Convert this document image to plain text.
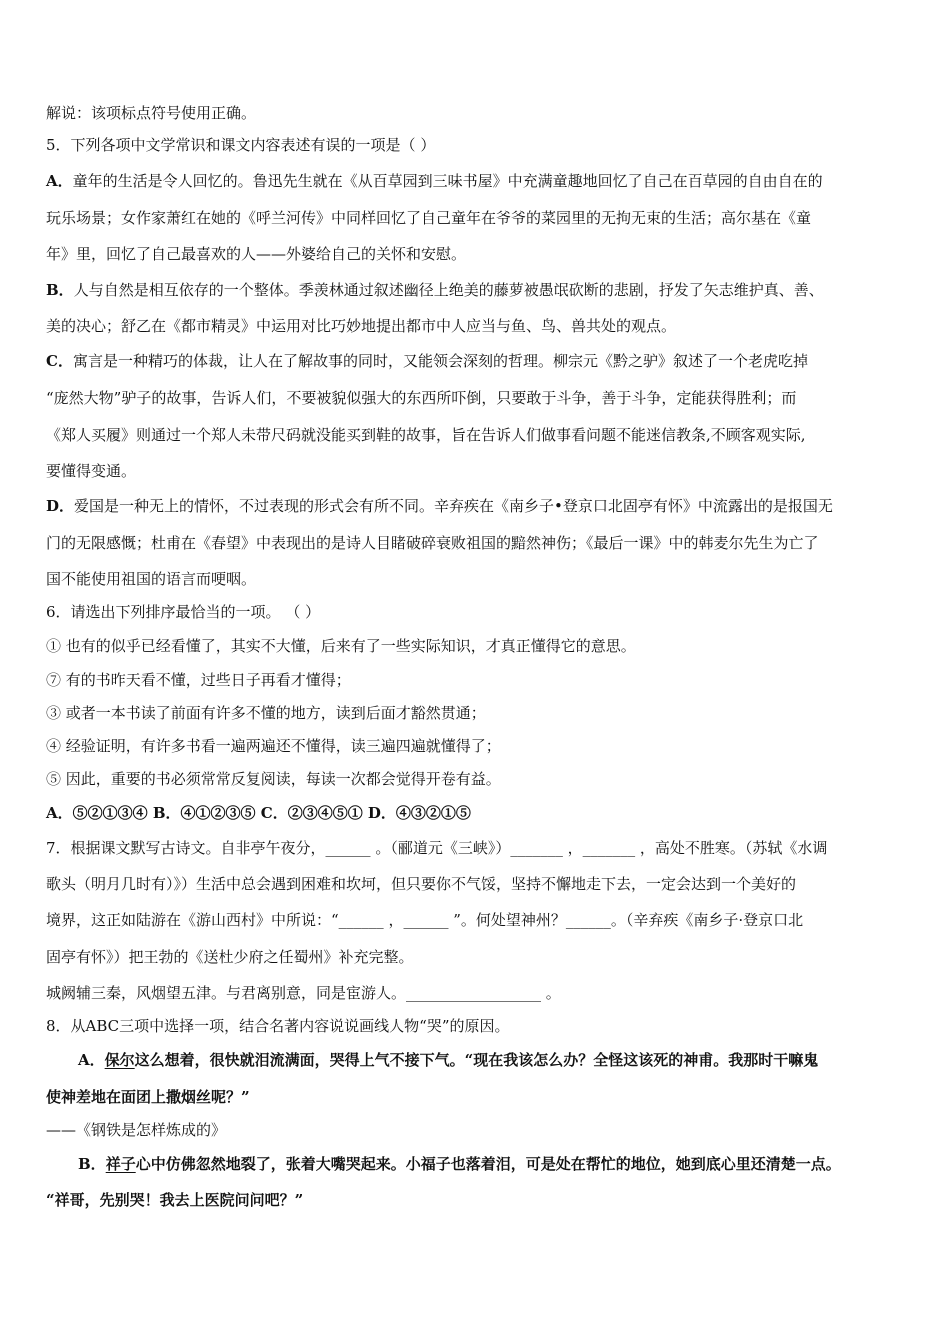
解说：该项标点符号使用正确。
5．下列各项中文学常识和课文内容表述有误的一项是（ ）
A．童年的生活是令人回忆的。鲁迅先生就在《从百草园到三味书屋》中充满童趣地回忆了自己在百草园的自由自在的
玩乐场景；女作家萧红在她的《呼兰河传》中同样回忆了自己童年在爷爷的菜园里的无拘无束的生活；高尔基在《童
年》里，回忆了自己最喜欢的人——外婆给自己的关怀和安慰。
B．人与自然是相互依存的一个整体。季羡林通过叙述幽径上绝美的藤萝被愚氓砍断的悲剧，抒发了矢志维护真、善、
美的决心；舒乙在《都市精灵》中运用对比巧妙地提出都市中人应当与鱼、鸟、兽共处的观点。
C．寓言是一种精巧的体裁，让人在了解故事的同时，又能领会深刻的哲理。柳宗元《黔之驴》叙述了一个老虎吃掉
“庞然大物”驴子的故事，告诉人们，不要被貌似强大的东西所吓倒，只要敢于斗争，善于斗争，定能获得胜利；而
《郑人买履》则通过一个郑人未带尺码就没能买到鞋的故事，旨在告诉人们做事看问题不能迷信教条,不顾客观实际,
要懂得变通。
D．爱国是一种无上的情怀，不过表现的形式会有所不同。辛弃疾在《南乡子•登京口北固亭有怀》中流露出的是报国无
门的无限感慨；杜甫在《春望》中表现出的是诗人目睹破碎衰败祖国的黯然神伤；《最后一课》中的韩麦尔先生为亡了
国不能使用祖国的语言而哽咽。
6．请选出下列排序最恰当的一项。 （ ）
① 也有的似乎已经看懂了，其实不大懂，后来有了一些实际知识，才真正懂得它的意思。
⑦ 有的书昨天看不懂，过些日子再看才懂得；
③ 或者一本书读了前面有许多不懂的地方，读到后面才豁然贯通；
④ 经验证明，有许多书看一遍两遍还不懂得，读三遍四遍就懂得了；
⑤ 因此，重要的书必须常常反复阅读，每读一次都会觉得开卷有益。
A．⑤②①③④ B．④①②③⑤ C．②③④⑤① D．④③②①⑤
7．根据课文默写古诗文。自非亭午夜分，______ 。（郦道元《三峡》）_______ ，_______ ，高处不胜寒。（苏轼《水调
歌头（明月几时有）》）生活中总会遇到困难和坎坷，但只要你不气馁，坚持不懈地走下去，一定会达到一个美好的
境界，这正如陆游在《游山西村》中所说：“______ ，______ ”。何处望神州？______。（辛弃疾《南乡子·登京口北
固亭有怀》）把王勃的《送杜少府之任蜀州》补充完整。
城阙辅三秦，风烟望五津。与君离别意，同是宦游人。__________________ 。
8．从ABC三项中选择一项，结合名著内容说说画线人物“哭”的原因。
A．保尔这么想着，很快就泪流满面，哭得上气不接下气。“现在我该怎么办？全怪这该死的神甫。我那时干嘛鬼
使神差地在面团上撒烟丝呢？”
——《钢铁是怎样炼成的》
B．祥子心中仿佛忽然地裂了，张着大嘴哭起来。小福子也落着泪，可是处在帮忙的地位，她到底心里还清楚一点。
“祥哥，先别哭！我去上医院问问吧？”
